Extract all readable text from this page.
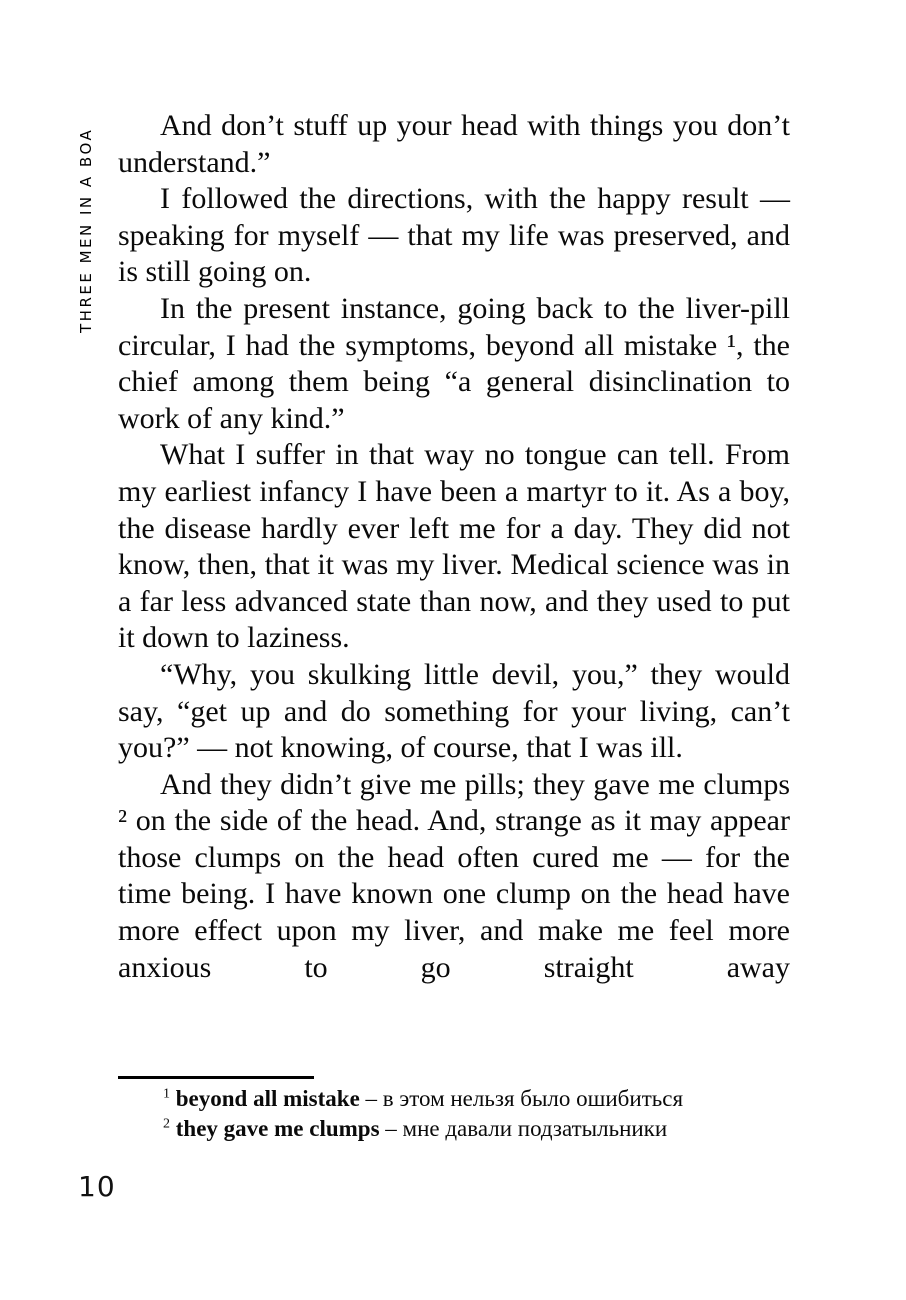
THREE MEN IN A BOA

And don’t stuff up your head with things you don’t understand.”

I followed the directions, with the happy result — speaking for myself — that my life was preserved, and is still going on.

In the present instance, going back to the liver-pill circular, I had the symptoms, beyond all mistake ¹, the chief among them being “a general disinclination to work of any kind.”

What I suffer in that way no tongue can tell. From my earliest infancy I have been a martyr to it. As a boy, the disease hardly ever left me for a day. They did not know, then, that it was my liver. Medical science was in a far less advanced state than now, and they used to put it down to laziness.

“Why, you skulking little devil, you,” they would say, “get up and do something for your living, can’t you?” — not knowing, of course, that I was ill.

And they didn’t give me pills; they gave me clumps ² on the side of the head. And, strange as it may appear those clumps on the head often cured me — for the time being. I have known one clump on the head have more effect upon my liver, and make me feel more anxious to go straight away

$^1$ beyond all mistake – в этом нельзя было ошибиться
$^2$ they gave me clumps – мне давали подзатыльники
10
